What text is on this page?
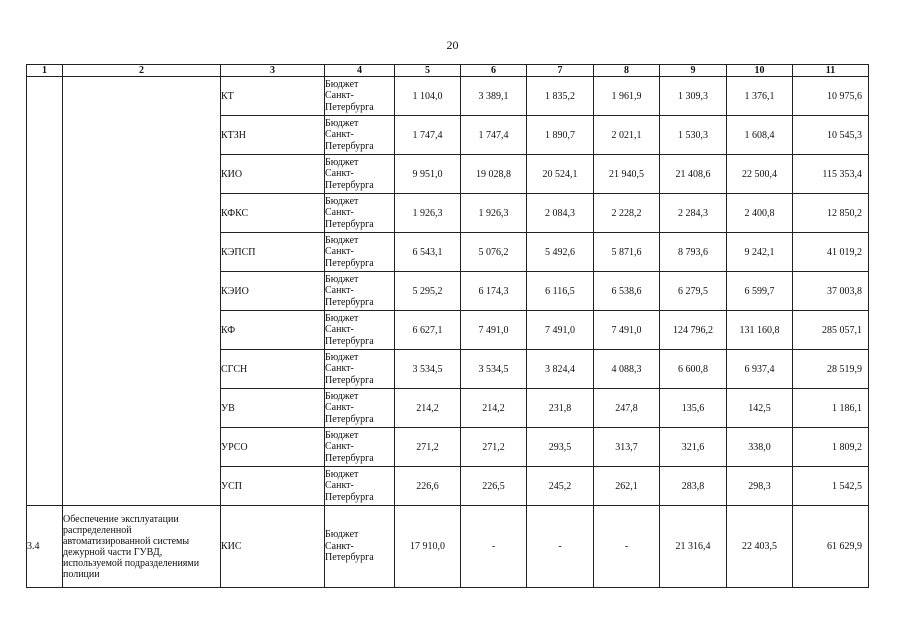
20
1	2	3	4	5	6	7	8	9	10	11
		КТ	Бюджет
Санкт-
Петербурга	1 104,0	3 389,1	1 835,2	1 961,9	1 309,3	1 376,1	10 975,6
		КТЗН	Бюджет
Санкт-
Петербурга	1 747,4	1 747,4	1 890,7	2 021,1	1 530,3	1 608,4	10 545,3
		КИО	Бюджет
Санкт-
Петербурга	9 951,0	19 028,8	20 524,1	21 940,5	21 408,6	22 500,4	115 353,4
		КФКС	Бюджет
Санкт-
Петербурга	1 926,3	1 926,3	2 084,3	2 228,2	2 284,3	2 400,8	12 850,2
		КЭПСП	Бюджет
Санкт-
Петербурга	6 543,1	5 076,2	5 492,6	5 871,6	8 793,6	9 242,1	41 019,2
		КЭИО	Бюджет
Санкт-
Петербурга	5 295,2	6 174,3	6 116,5	6 538,6	6 279,5	6 599,7	37 003,8
		КФ	Бюджет
Санкт-
Петербурга	6 627,1	7 491,0	7 491,0	7 491,0	124 796,2	131 160,8	285 057,1
		СГСН	Бюджет
Санкт-
Петербурга	3 534,5	3 534,5	3 824,4	4 088,3	6 600,8	6 937,4	28 519,9
		УВ	Бюджет
Санкт-
Петербурга	214,2	214,2	231,8	247,8	135,6	142,5	1 186,1
		УРСО	Бюджет
Санкт-
Петербурга	271,2	271,2	293,5	313,7	321,6	338,0	1 809,2
		УСП	Бюджет
Санкт-
Петербурга	226,6	226,5	245,2	262,1	283,8	298,3	1 542,5
3.4	Обеспечение эксплуатации распределенной автоматизированной системы дежурной части ГУВД, используемой подразделениями полиции	КИС	Бюджет
Санкт-
Петербурга	17 910,0	-	-	-	21 316,4	22 403,5	61 629,9
